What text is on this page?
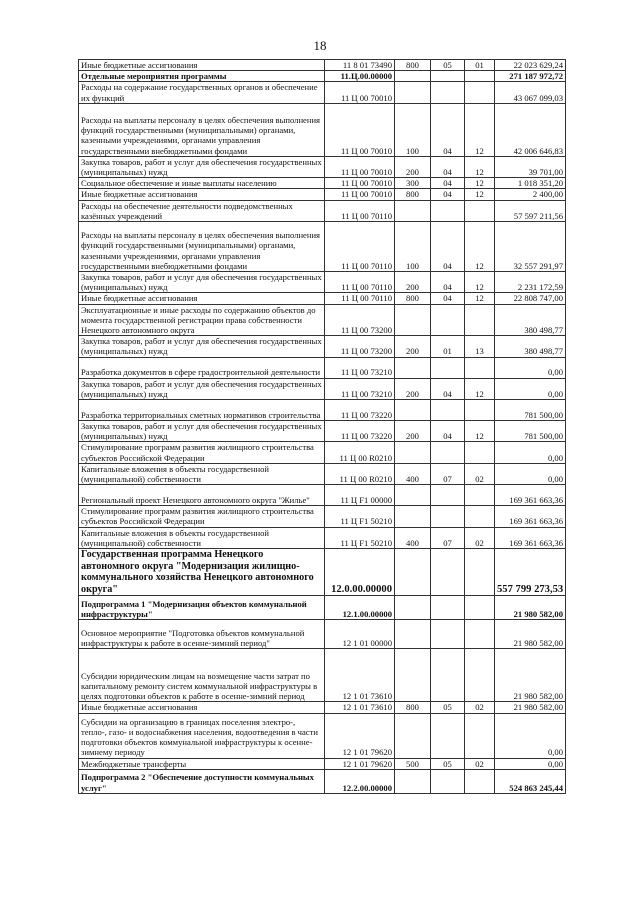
18
Иные бюджетные ассигнования	11 8 01 73490	800	05	01	22 023 629,24
Отдельные мероприятия программы	11.Ц.00.00000				271 187 972,72
Расходы на содержание государственных органов и обеспечение их функций	11 Ц 00 70010				43 067 099,03
Расходы на выплаты персоналу в целях обеспечения выполнения функций государственными (муниципальными) органами, казенными учреждениями, органами управления государственными внебюджетными фондами	11 Ц 00 70010	100	04	12	42 006 646,83
Закупка товаров, работ и услуг для обеспечения государственных (муниципальных) нужд	11 Ц 00 70010	200	04	12	39 701,00
Социальное обеспечение и иные выплаты населению	11 Ц 00 70010	300	04	12	1 018 351,20
Иные бюджетные ассигнования	11 Ц 00 70010	800	04	12	2 400,00
Расходы на обеспечение деятельности подведомственных казённых учреждений	11 Ц 00 70110				57 597 211,56
Расходы на выплаты персоналу в целях обеспечения выполнения функций государственными (муниципальными) органами, казенными учреждениями, органами управления государственными внебюджетными фондами	11 Ц 00 70110	100	04	12	32 557 291,97
Закупка товаров, работ и услуг для обеспечения государственных (муниципальных) нужд	11 Ц 00 70110	200	04	12	2 231 172,59
Иные бюджетные ассигнования	11 Ц 00 70110	800	04	12	22 808 747,00
Эксплуатационные и иные расходы по содержанию объектов до момента государственной регистрации права собственности Ненецкого автономного округа	11 Ц 00 73200				380 498,77
Закупка товаров, работ и услуг для обеспечения государственных (муниципальных) нужд	11 Ц 00 73200	200	01	13	380 498,77
Разработка документов в сфере градостроительной деятельности	11 Ц 00 73210				0,00
Закупка товаров, работ и услуг для обеспечения государственных (муниципальных) нужд	11 Ц 00 73210	200	04	12	0,00
Разработка территориальных сметных нормативов строительства	11 Ц 00 73220				781 500,00
Закупка товаров, работ и услуг для обеспечения государственных (муниципальных) нужд	11 Ц 00 73220	200	04	12	781 500,00
Стимулирование программ развития жилищного строительства субъектов Российской Федерации	11 Ц 00 R0210				0,00
Капитальные вложения в объекты государственной (муниципальной) собственности	11 Ц 00 R0210	400	07	02	0,00
Региональный проект Ненецкого автономного округа "Жилье"	11 Ц F1 00000				169 361 663,36
Стимулирование программ развития жилищного строительства субъектов Российской Федерации	11 Ц F1 50210				169 361 663,36
Капитальные вложения в объекты государственной (муниципальной) собственности	11 Ц F1 50210	400	07	02	169 361 663,36
Государственная программа Ненецкого автономного округа "Модернизация жилищно-коммунального хозяйства Ненецкого автономного округа"	12.0.00.00000				557 799 273,53
Подпрограмма 1 "Модернизация объектов коммунальной инфраструктуры"	12.1.00.00000				21 980 582,00
Основное мероприятие "Подготовка объектов коммунальной инфраструктуры к работе в осенне-зимний период"	12 1 01 00000				21 980 582,00
Субсидии юридическим лицам на возмещение части затрат по капитальному ремонту систем коммунальной инфраструктуры в целях подготовки объектов к работе в осенне-зимний период	12 1 01 73610				21 980 582,00
Иные бюджетные ассигнования	12 1 01 73610	800	05	02	21 980 582,00
Субсидии на организацию в границах поселения электро-, тепло-, газо- и водоснабжения населения, водоотведения в части подготовки объектов коммунальной инфраструктуры к осенне-зимнему периоду	12 1 01 79620				0,00
Межбюджетные трансферты	12 1 01 79620	500	05	02	0,00
Подпрограмма 2 "Обеспечение доступности коммунальных услуг"	12.2.00.00000				524 863 245,44
